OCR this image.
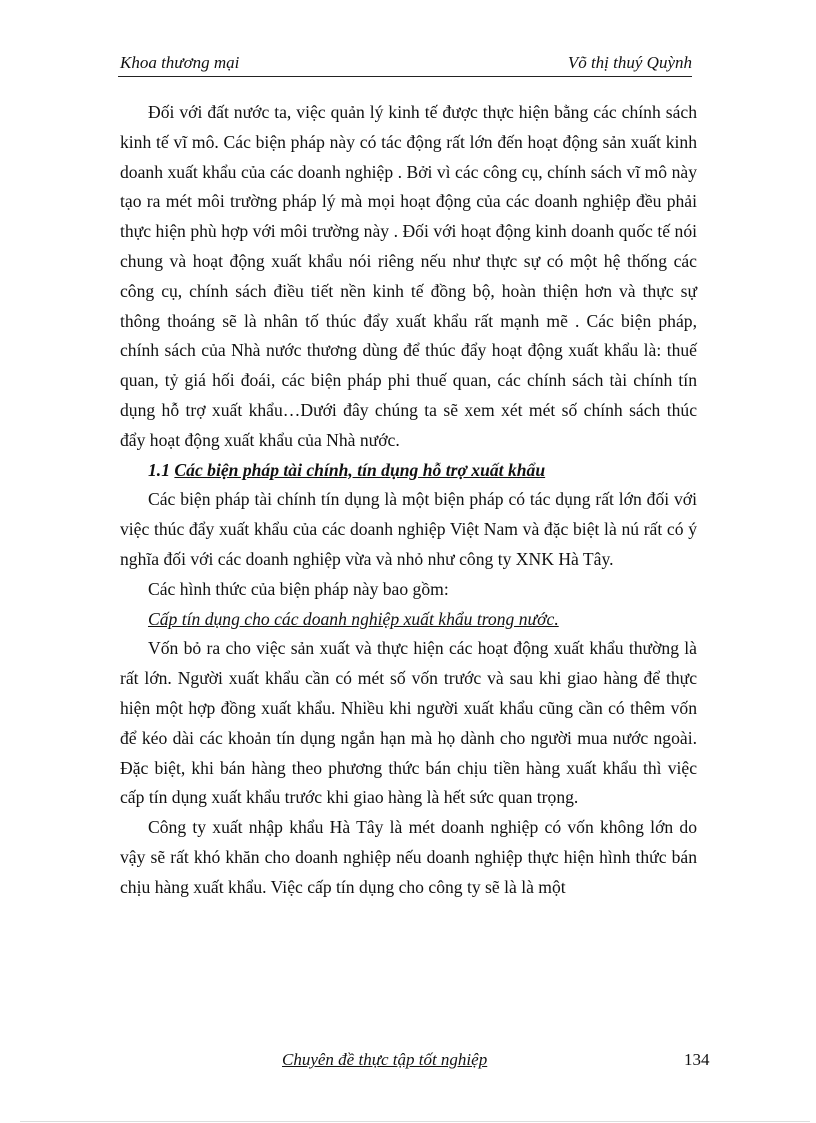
Khoa thương mại	Võ thị thuý Quỳnh

Đối với đất nước ta, việc quản lý kinh tế được thực hiện bằng các chính sách kinh tế vĩ mô. Các biện pháp này có tác động rất lớn đến hoạt động sản xuất kinh doanh xuất khẩu của các doanh nghiệp . Bởi vì các công cụ, chính sách vĩ mô này tạo ra mét môi trường pháp lý mà mọi hoạt động của các doanh nghiệp đều phải thực hiện phù hợp với môi trường này . Đối với hoạt động kinh doanh quốc tế nói chung và hoạt động xuất khẩu nói riêng nếu như thực sự có một hệ thống các công cụ, chính sách điều tiết nền kinh tế đồng bộ, hoàn thiện hơn và thực sự thông thoáng sẽ là nhân tố thúc đẩy xuất khẩu rất mạnh mẽ . Các biện pháp, chính sách của Nhà nước thương dùng để thúc đẩy hoạt động xuất khẩu là: thuế quan, tỷ giá hối đoái, các biện pháp phi thuế quan, các chính sách tài chính tín dụng hỗ trợ xuất khẩu…Dưới đây chúng ta sẽ xem xét mét số chính sách thúc đẩy hoạt động xuất khẩu của Nhà nước.

1.1 Các biện pháp tài chính, tín dụng hỗ trợ xuất khẩu

Các biện pháp tài chính tín dụng là một biện pháp có tác dụng rất lớn đối với việc thúc đẩy xuất khẩu của các doanh nghiệp Việt Nam và đặc biệt là nú rất có ý nghĩa đối với các doanh nghiệp vừa và nhỏ như công ty XNK Hà Tây.

Các hình thức của biện pháp này bao gồm:

Cấp tín dụng cho các doanh nghiệp xuất khẩu trong nước.

Vốn bỏ ra cho việc sản xuất và thực hiện các hoạt động xuất khẩu thường là rất lớn. Người xuất khẩu cần có mét số vốn trước và sau khi giao hàng để thực hiện một hợp đồng xuất khẩu. Nhiều khi người xuất khẩu cũng cần có thêm vốn để kéo dài các khoản tín dụng ngắn hạn mà họ dành cho người mua nước ngoài. Đặc biệt, khi bán hàng theo phương thức bán chịu tiền hàng xuất khẩu thì việc cấp tín dụng xuất khẩu trước khi giao hàng là hết sức quan trọng.

Công ty xuất nhập khẩu Hà Tây là mét doanh nghiệp có vốn không lớn do vậy sẽ rất khó khăn cho doanh nghiệp nếu doanh nghiệp thực hiện hình thức bán chịu hàng xuất khẩu. Việc cấp tín dụng cho công ty sẽ là là một

Chuyên đề thực tập tốt nghiệp	134
